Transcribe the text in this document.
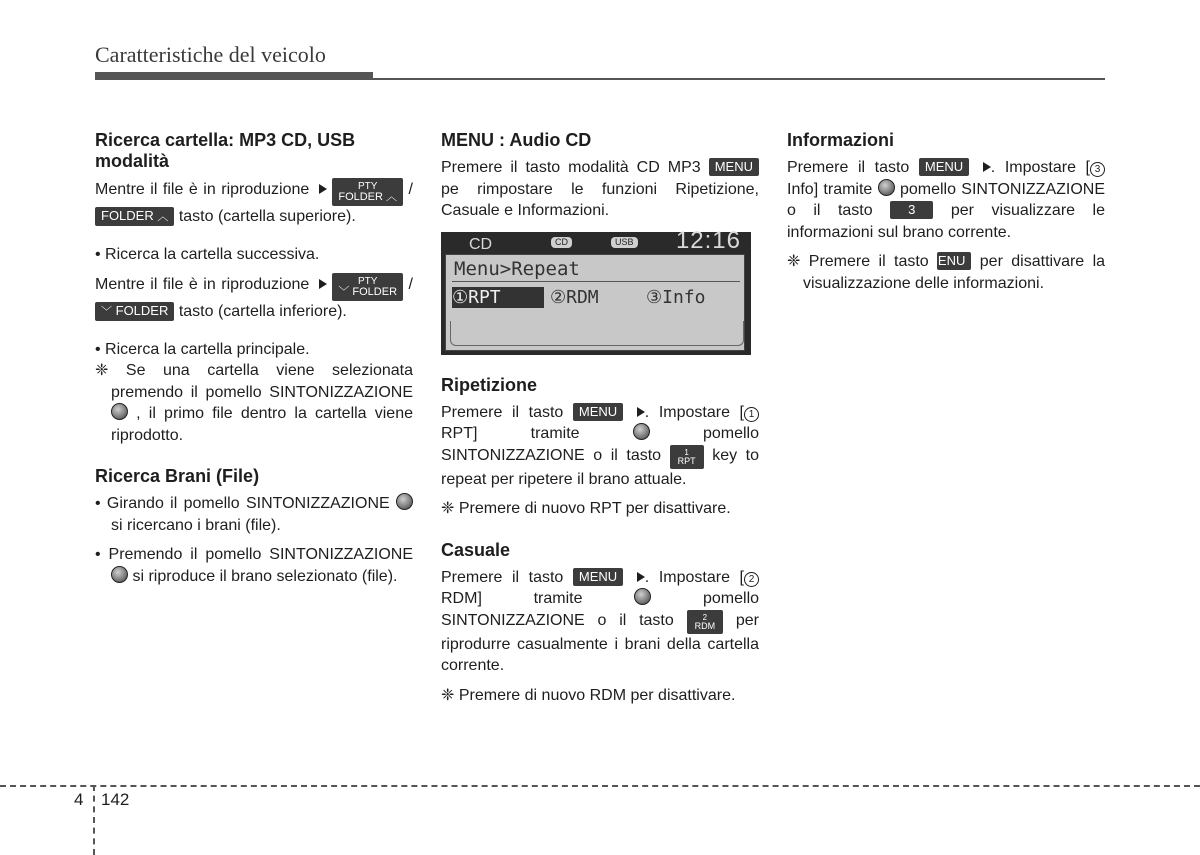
Caratteristiche del veicolo
Ricerca cartella: MP3 CD, USB modalità

Mentre il file è in riproduzione	PTY
FOLDER ︿ / FOLDER ︿ tasto (cartella superiore).

• Ricerca la cartella successiva.

Mentre il file è in riproduzione	PTY
﹀ FOLDER / ﹀ FOLDER tasto (cartella inferiore).

• Ricerca la cartella principale.

❈ Se una cartella viene selezionata premendo il pomello SINTONIZZAZIONE  , il primo file dentro la cartella viene riprodotto.

Ricerca Brani (File)

• Girando il pomello SINTONIZZAZIONE  si ricercano i brani (file).

• Premendo il pomello SINTONIZZAZIONE  si riproduce il brano selezionato (file).

MENU : Audio CD

Premere il tasto modalità CD MP3 MENU pe rimpostare le funzioni Ripetizione, Casuale e Informazioni.

CD	CD	USB 12:16
Menu>Repeat
①RPT	②RDM	③Info
Ripetizione

Premere il tasto MENU . Impostare [ 1RPT] tramite	pomello SINTONIZZAZIONE o il tasto	1
RPT key to repeat per ripetere il brano attuale.

❈ Premere di nuovo RPT per disattivare.

Casuale

Premere il tasto MENU . Impostare [ 2RDM] tramite	pomello SINTONIZZAZIONE o il tasto	2
RDM per riprodurre casualmente i brani della cartella corrente.

❈ Premere di nuovo RDM per disattivare.

Informazioni

Premere il tasto MENU . Impostare [ 3Info] tramite pomello SINTONIZZAZIONE o il tasto	3 per visualizzare le informazioni sul brano corrente.

❈ Premere il tasto MENU per disattivare la visualizzazione delle informazioni.

4 142
